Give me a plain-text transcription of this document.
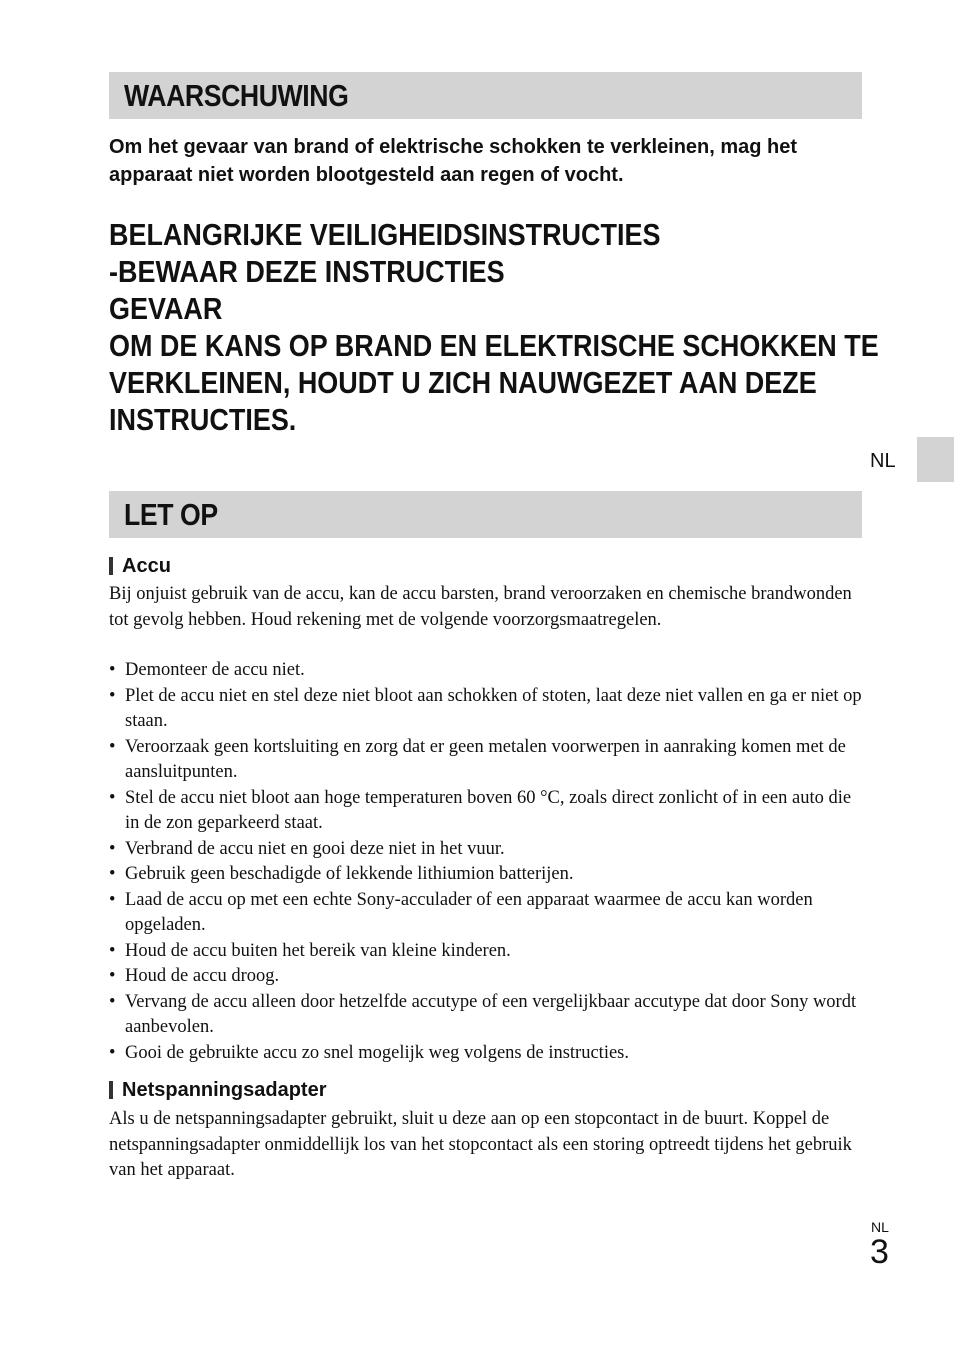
WAARSCHUWING
Om het gevaar van brand of elektrische schokken te verkleinen, mag het apparaat niet worden blootgesteld aan regen of vocht.
BELANGRIJKE VEILIGHEIDSINSTRUCTIES
-BEWAAR DEZE INSTRUCTIES
GEVAAR
OM DE KANS OP BRAND EN ELEKTRISCHE SCHOKKEN TE
VERKLEINEN, HOUDT U ZICH NAUWGEZET AAN DEZE
INSTRUCTIES.
NL
LET OP
Accu
Bij onjuist gebruik van de accu, kan de accu barsten, brand veroorzaken en chemische brandwonden tot gevolg hebben. Houd rekening met de volgende voorzorgsmaatregelen.
• Demonteer de accu niet.
• Plet de accu niet en stel deze niet bloot aan schokken of stoten, laat deze niet vallen en ga er niet op staan.
• Veroorzaak geen kortsluiting en zorg dat er geen metalen voorwerpen in aanraking komen met de aansluitpunten.
• Stel de accu niet bloot aan hoge temperaturen boven 60 °C, zoals direct zonlicht of in een auto die in de zon geparkeerd staat.
• Verbrand de accu niet en gooi deze niet in het vuur.
• Gebruik geen beschadigde of lekkende lithiumion batterijen.
• Laad de accu op met een echte Sony-acculader of een apparaat waarmee de accu kan worden opgeladen.
• Houd de accu buiten het bereik van kleine kinderen.
• Houd de accu droog.
• Vervang de accu alleen door hetzelfde accutype of een vergelijkbaar accutype dat door Sony wordt aanbevolen.
• Gooi de gebruikte accu zo snel mogelijk weg volgens de instructies.
Netspanningsadapter
Als u de netspanningsadapter gebruikt, sluit u deze aan op een stopcontact in de buurt. Koppel de netspanningsadapter onmiddellijk los van het stopcontact als een storing optreedt tijdens het gebruik van het apparaat.
NL
3
